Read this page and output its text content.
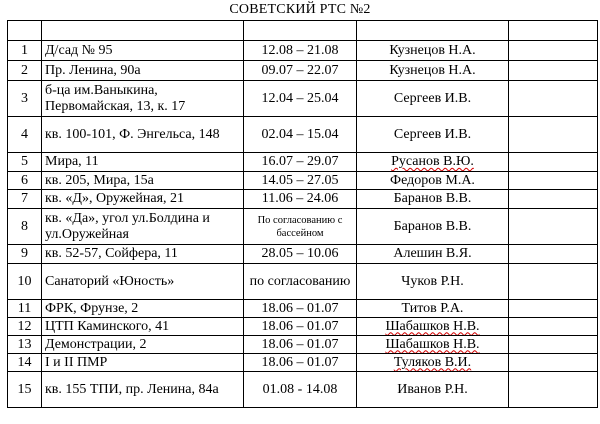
СОВЕТСКИЙ РТС №2

1	Д/сад № 95	12.08 – 21.08	Кузнецов Н.А.	
2	Пр. Ленина, 90а	09.07 – 22.07	Кузнецов Н.А.	
3	б-ца им.Ваныкина, Первомайская, 13, к. 17	12.04 – 25.04	Сергеев И.В.	
4	кв. 100-101, Ф. Энгельса, 148	02.04 – 15.04	Сергеев И.В.	
5	Мира, 11	16.07 – 29.07	Русанов В.Ю.	
6	кв. 205, Мира, 15а	14.05 – 27.05	Федоров М.А.	
7	кв. «Д», Оружейная, 21	11.06 – 24.06	Баранов В.В.	
8	кв. «Да», угол ул.Болдина и ул.Оружейная	По согласованию с бассейном	Баранов В.В.	
9	кв. 52-57, Сойфера, 11	28.05 – 10.06	Алешин В.Я.	
10	Санаторий «Юность»	по согласованию	Чуков Р.Н.	
11	ФРК, Фрунзе, 2	18.06 – 01.07	Титов Р.А.	
12	ЦТП Каминского, 41	18.06 – 01.07	Шабашков Н.В.	
13	Демонстрации, 2	18.06 – 01.07	Шабашков Н.В.	
14	I и II ПМР	18.06 – 01.07	Туляков В.И.	
15	кв. 155 ТПИ, пр. Ленина, 84а	01.08 - 14.08	Иванов Р.Н.	
